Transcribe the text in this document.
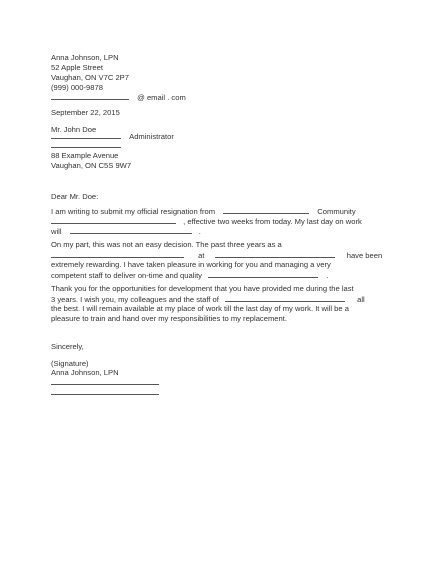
Anna Johnson, LPN
52 Apple Street
Vaughan, ON V7C 2P7
(999) 000-9878
@ email . com
September 22, 2015
Mr. John Doe
Administrator
88 Example Avenue
Vaughan, ON C5S 9W7
Dear Mr. Doe:
I am writing to submit my official resignation from	Community
, effective two weeks from today. My last day on work
will	.
On my part, this was not an easy decision. The past three years as a
at	have been
extremely rewarding. I have taken pleasure in working for you and managing a very
competent staff to deliver on-time and quality	.
Thank you for the opportunities for development that you have provided me during the last
3 years. I wish you, my colleagues and the staff of	all
the best. I will remain available at my place of work till the last day of my work. It will be a
pleasure to train and hand over my responsibilities to my replacement.
Sincerely,
(Signature)
Anna Johnson, LPN
